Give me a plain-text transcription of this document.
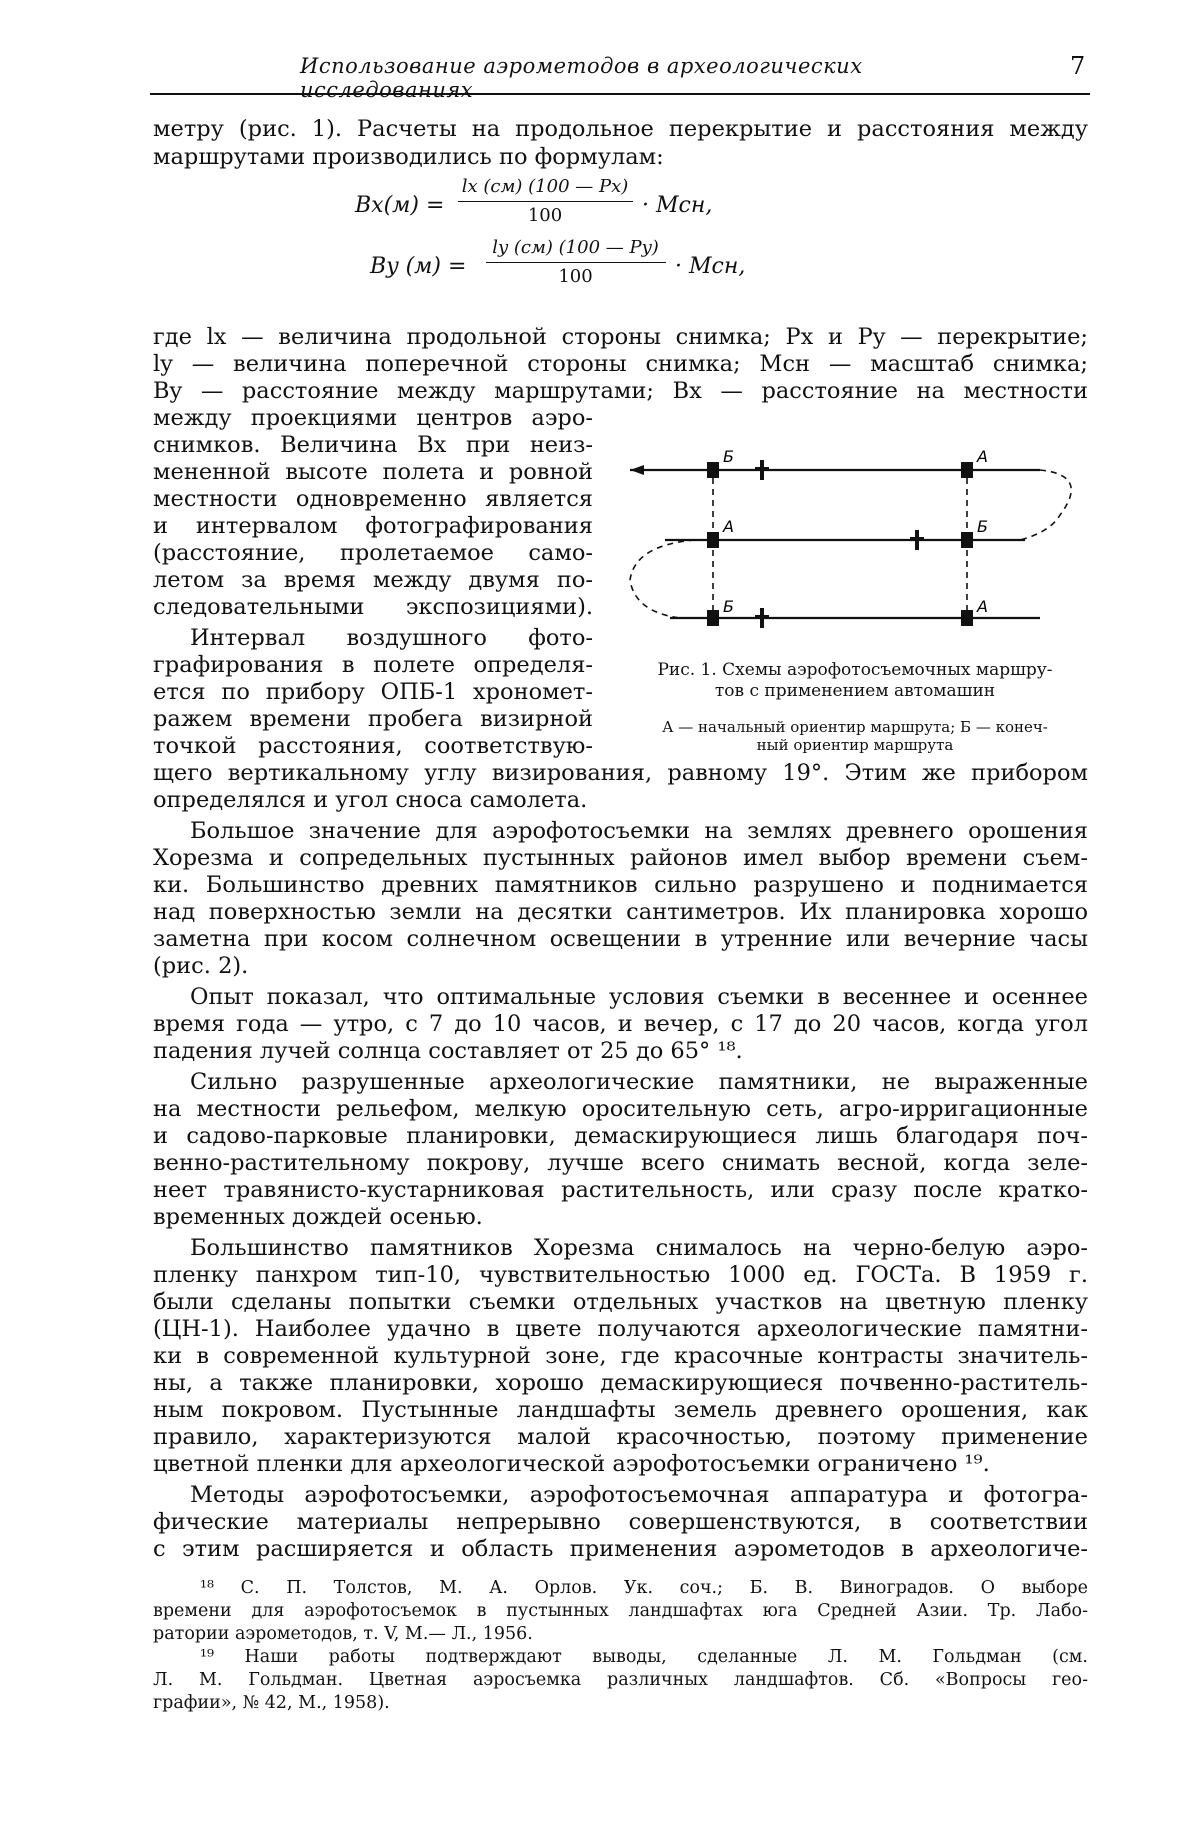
Использование аэрометодов в археологических исследованиях
7
метру (рис. 1). Расчеты на продольное перекрытие и расстояния между
маршрутами производились по формулам:
Bx(м) =
lx (см) (100 — Px)
100	· Mсн,
By (м) =
ly (см) (100 — Py)
100	· Mсн,
где lx — величина продольной стороны снимка; Px и Py — перекрытие;
ly — величина поперечной стороны снимка; Mсн — масштаб снимка;
By — расстояние между маршрутами; Bx — расстояние на местности
между проекциями центров аэро-
снимков. Величина Bx при неиз-
мененной высоте полета и ровной
местности одновременно является
и интервалом фотографирования
(расстояние, пролетаемое само-
летом за время между двумя по-
следовательными экспозициями).
Интервал воздушного фото-
графирования в полете определя-
ется по прибору ОПБ-1 хрономет-
ражем времени пробега визирной
точкой расстояния, соответствую-
Б	А
А	Б
Б	А
Рис. 1. Схемы аэрофотосъемочных маршру-
тов с применением автомашин
А — начальный ориентир маршрута; Б — конеч-
ный ориентир маршрута
щего вертикальному углу визирования, равному 19°. Этим же прибором
определялся и угол сноса самолета.
Большое значение для аэрофотосъемки на землях древнего орошения
Хорезма и сопредельных пустынных районов имел выбор времени съем-
ки. Большинство древних памятников сильно разрушено и поднимается
над поверхностью земли на десятки сантиметров. Их планировка хорошо
заметна при косом солнечном освещении в утренние или вечерние часы
(рис. 2).
Опыт показал, что оптимальные условия съемки в весеннее и осеннее
время года — утро, с 7 до 10 часов, и вечер, с 17 до 20 часов, когда угол
падения лучей солнца составляет от 25 до 65° ¹⁸.
Сильно разрушенные археологические памятники, не выраженные
на местности рельефом, мелкую оросительную сеть, агро-ирригационные
и садово-парковые планировки, демаскирующиеся лишь благодаря поч-
венно-растительному покрову, лучше всего снимать весной, когда зеле-
неет травянисто-кустарниковая растительность, или сразу после кратко-
временных дождей осенью.
Большинство памятников Хорезма снималось на черно-белую аэро-
пленку панхром тип-10, чувствительностью 1000 ед. ГОСТа. В 1959 г.
были сделаны попытки съемки отдельных участков на цветную пленку
(ЦН-1). Наиболее удачно в цвете получаются археологические памятни-
ки в современной культурной зоне, где красочные контрасты значитель-
ны, а также планировки, хорошо демаскирующиеся почвенно-раститель-
ным покровом. Пустынные ландшафты земель древнего орошения, как
правило, характеризуются малой красочностью, поэтому применение
цветной пленки для археологической аэрофотосъемки ограничено ¹⁹.
Методы аэрофотосъемки, аэрофотосъемочная аппаратура и фотогра-
фические материалы непрерывно совершенствуются, в соответствии
с этим расширяется и область применения аэрометодов в археологиче-
¹⁸ С. П. Толстов, М. А. Орлов. Ук. соч.; Б. В. Виноградов. О выборе
времени для аэрофотосъемок в пустынных ландшафтах юга Средней Азии. Тр. Лабо-
ратории аэрометодов, т. V, М.— Л., 1956.
¹⁹ Наши работы подтверждают выводы, сделанные Л. М. Гольдман (см.
Л. М. Гольдман. Цветная аэросъемка различных ландшафтов. Сб. «Вопросы гео-
графии», № 42, М., 1958).
